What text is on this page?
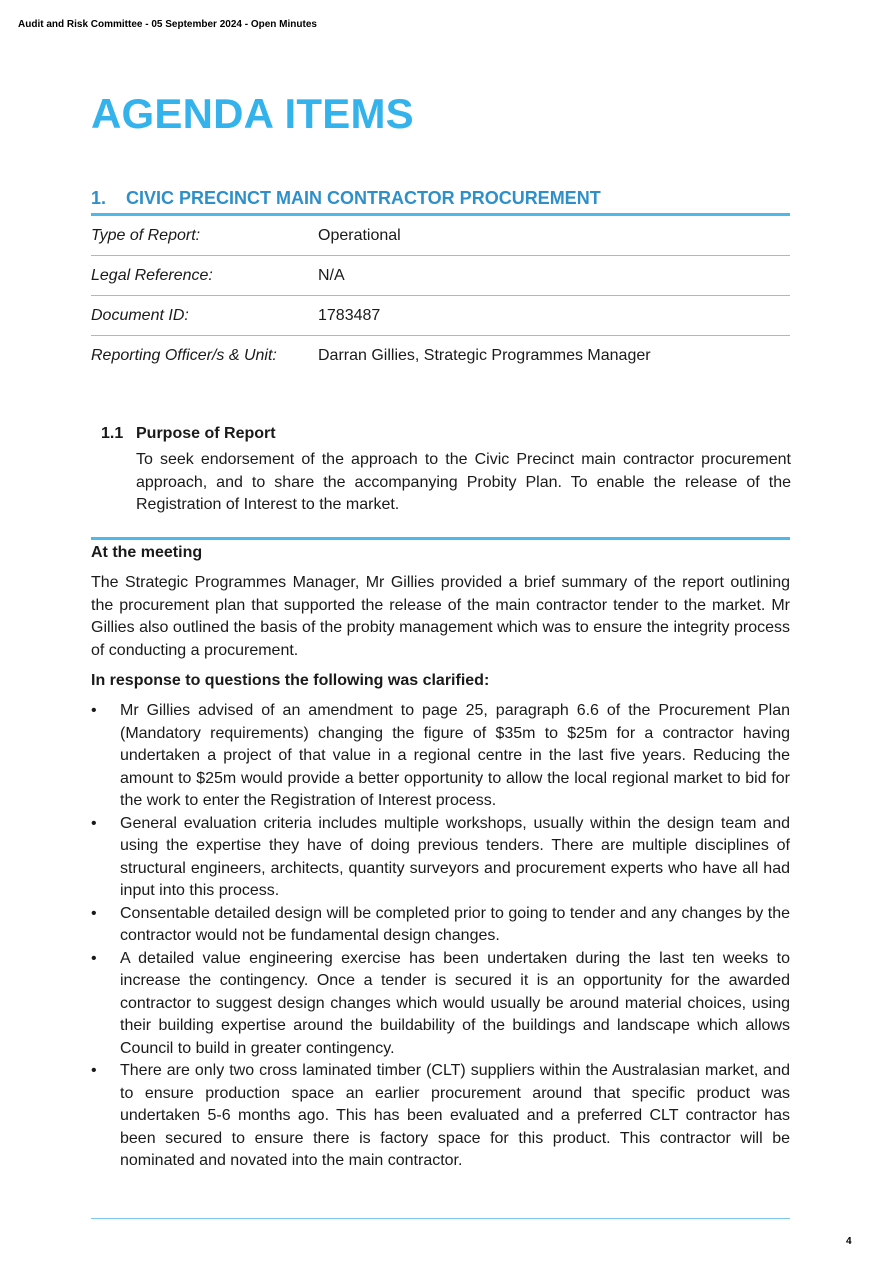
Audit and Risk Committee - 05 September 2024 - Open Minutes
AGENDA ITEMS
1. CIVIC PRECINCT MAIN CONTRACTOR PROCUREMENT
Type of Report:	Operational
Legal Reference:	N/A
Document ID:	1783487
Reporting Officer/s & Unit:	Darran Gillies, Strategic Programmes Manager
1.1 Purpose of Report
To seek endorsement of the approach to the Civic Precinct main contractor procurement approach, and to share the accompanying Probity Plan. To enable the release of the Registration of Interest to the market.
At the meeting
The Strategic Programmes Manager, Mr Gillies provided a brief summary of the report outlining the procurement plan that supported the release of the main contractor tender to the market. Mr Gillies also outlined the basis of the probity management which was to ensure the integrity process of conducting a procurement.
In response to questions the following was clarified:
• Mr Gillies advised of an amendment to page 25, paragraph 6.6 of the Procurement Plan (Mandatory requirements) changing the figure of $35m to $25m for a contractor having undertaken a project of that value in a regional centre in the last five years. Reducing the amount to $25m would provide a better opportunity to allow the local regional market to bid for the work to enter the Registration of Interest process.
• General evaluation criteria includes multiple workshops, usually within the design team and using the expertise they have of doing previous tenders. There are multiple disciplines of structural engineers, architects, quantity surveyors and procurement experts who have all had input into this process.
• Consentable detailed design will be completed prior to going to tender and any changes by the contractor would not be fundamental design changes.
• A detailed value engineering exercise has been undertaken during the last ten weeks to increase the contingency. Once a tender is secured it is an opportunity for the awarded contractor to suggest design changes which would usually be around material choices, using their building expertise around the buildability of the buildings and landscape which allows Council to build in greater contingency.
• There are only two cross laminated timber (CLT) suppliers within the Australasian market, and to ensure production space an earlier procurement around that specific product was undertaken 5-6 months ago. This has been evaluated and a preferred CLT contractor has been secured to ensure there is factory space for this product. This contractor will be nominated and novated into the main contractor.
4
